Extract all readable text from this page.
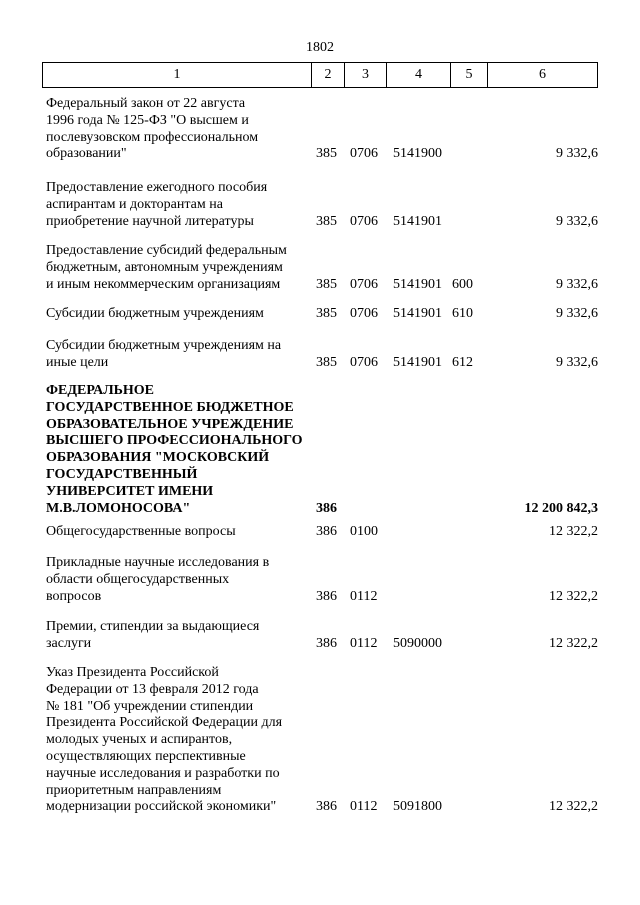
1802
1	2	3	4	5	6
Федеральный закон от 22 августа
1996 года № 125-ФЗ "О высшем и
послевузовском профессиональном
образовании"	385 0706 5141900	9 332,6
Предоставление ежегодного пособия
аспирантам и докторантам на
приобретение научной литературы	385 0706 5141901	9 332,6
Предоставление субсидий федеральным
бюджетным, автономным учреждениям
и иным некоммерческим организациям	385 0706 5141901 600	9 332,6
Субсидии бюджетным учреждениям	385 0706 5141901 610	9 332,6
Субсидии бюджетным учреждениям на
иные цели	385 0706 5141901 612	9 332,6
ФЕДЕРАЛЬНОЕ
ГОСУДАРСТВЕННОЕ БЮДЖЕТНОЕ
ОБРАЗОВАТЕЛЬНОЕ УЧРЕЖДЕНИЕ
ВЫСШЕГО ПРОФЕССИОНАЛЬНОГО
ОБРАЗОВАНИЯ "МОСКОВСКИЙ
ГОСУДАРСТВЕННЫЙ
УНИВЕРСИТЕТ ИМЕНИ
М.В.ЛОМОНОСОВА"	386	12 200 842,3
Общегосударственные вопросы	386 0100	12 322,2
Прикладные научные исследования в
области общегосударственных
вопросов	386 0112	12 322,2
Премии, стипендии за выдающиеся
заслуги	386 0112 5090000	12 322,2
Указ Президента Российской
Федерации от 13 февраля 2012 года
№ 181 "Об учреждении стипендии
Президента Российской Федерации для
молодых ученых и аспирантов,
осуществляющих перспективные
научные исследования и разработки по
приоритетным направлениям
модернизации российской экономики"	386 0112 5091800	12 322,2
